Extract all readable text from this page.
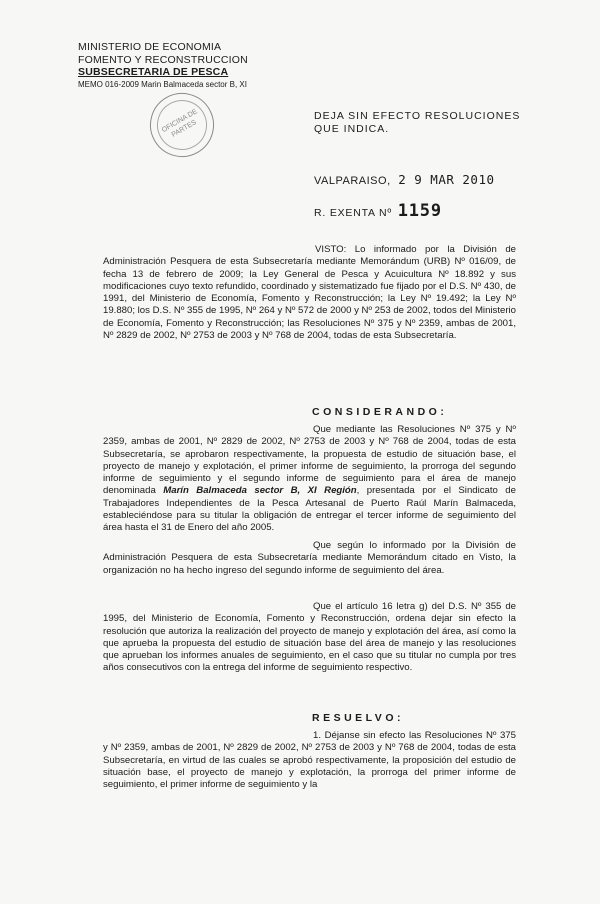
MINISTERIO DE ECONOMIA
FOMENTO Y RECONSTRUCCION
SUBSECRETARIA DE PESCA
MEMO 016-2009 Marin Balmaceda sector B, XI
OFICINA DE PARTES
DEJA SIN EFECTO RESOLUCIONES QUE INDICA.
VALPARAISO, 2 9 MAR 2010
R. EXENTA Nº 1159
VISTO: Lo informado por la División de Administración Pesquera de esta Subsecretaría mediante Memorándum (URB) Nº 016/09, de fecha 13 de febrero de 2009; la Ley General de Pesca y Acuicultura Nº 18.892 y sus modificaciones cuyo texto refundido, coordinado y sistematizado fue fijado por el D.S. Nº 430, de 1991, del Ministerio de Economía, Fomento y Reconstrucción; la Ley Nº 19.492; la Ley Nº 19.880; los D.S. Nº 355 de 1995, Nº 264 y Nº 572 de 2000 y Nº 253 de 2002, todos del Ministerio de Economía, Fomento y Reconstrucción; las Resoluciones Nº 375 y Nº 2359, ambas de 2001, Nº 2829 de 2002, Nº 2753 de 2003 y Nº 768 de 2004, todas de esta Subsecretaría.
CONSIDERANDO:
Que mediante las Resoluciones Nº 375 y Nº 2359, ambas de 2001, Nº 2829 de 2002, Nº 2753 de 2003 y Nº 768 de 2004, todas de esta Subsecretaría, se aprobaron respectivamente, la propuesta de estudio de situación base, el proyecto de manejo y explotación, el primer informe de seguimiento, la prorroga del segundo informe de seguimiento y el segundo informe de seguimiento para el área de manejo denominada Marín Balmaceda sector B, XI Región, presentada por el Sindicato de Trabajadores Independientes de la Pesca Artesanal de Puerto Raúl Marín Balmaceda, estableciéndose para su titular la obligación de entregar el tercer informe de seguimiento del área hasta el 31 de Enero del año 2005.
Que según lo informado por la División de Administración Pesquera de esta Subsecretaría mediante Memorándum citado en Visto, la organización no ha hecho ingreso del segundo informe de seguimiento del área.
Que el artículo 16 letra g) del D.S. Nº 355 de 1995, del Ministerio de Economía, Fomento y Reconstrucción, ordena dejar sin efecto la resolución que autoriza la realización del proyecto de manejo y explotación del área, así como la que aprueba la propuesta del estudio de situación base del área de manejo y las resoluciones que aprueban los informes anuales de seguimiento, en el caso que su titular no cumpla por tres años consecutivos con la entrega del informe de seguimiento respectivo.
RESUELVO:
1. Déjanse sin efecto las Resoluciones Nº 375 y Nº 2359, ambas de 2001, Nº 2829 de 2002, Nº 2753 de 2003 y Nº 768 de 2004, todas de esta Subsecretaría, en virtud de las cuales se aprobó respectivamente, la proposición del estudio de situación base, el proyecto de manejo y explotación, la prorroga del primer informe de seguimiento, el primer informe de seguimiento y la
